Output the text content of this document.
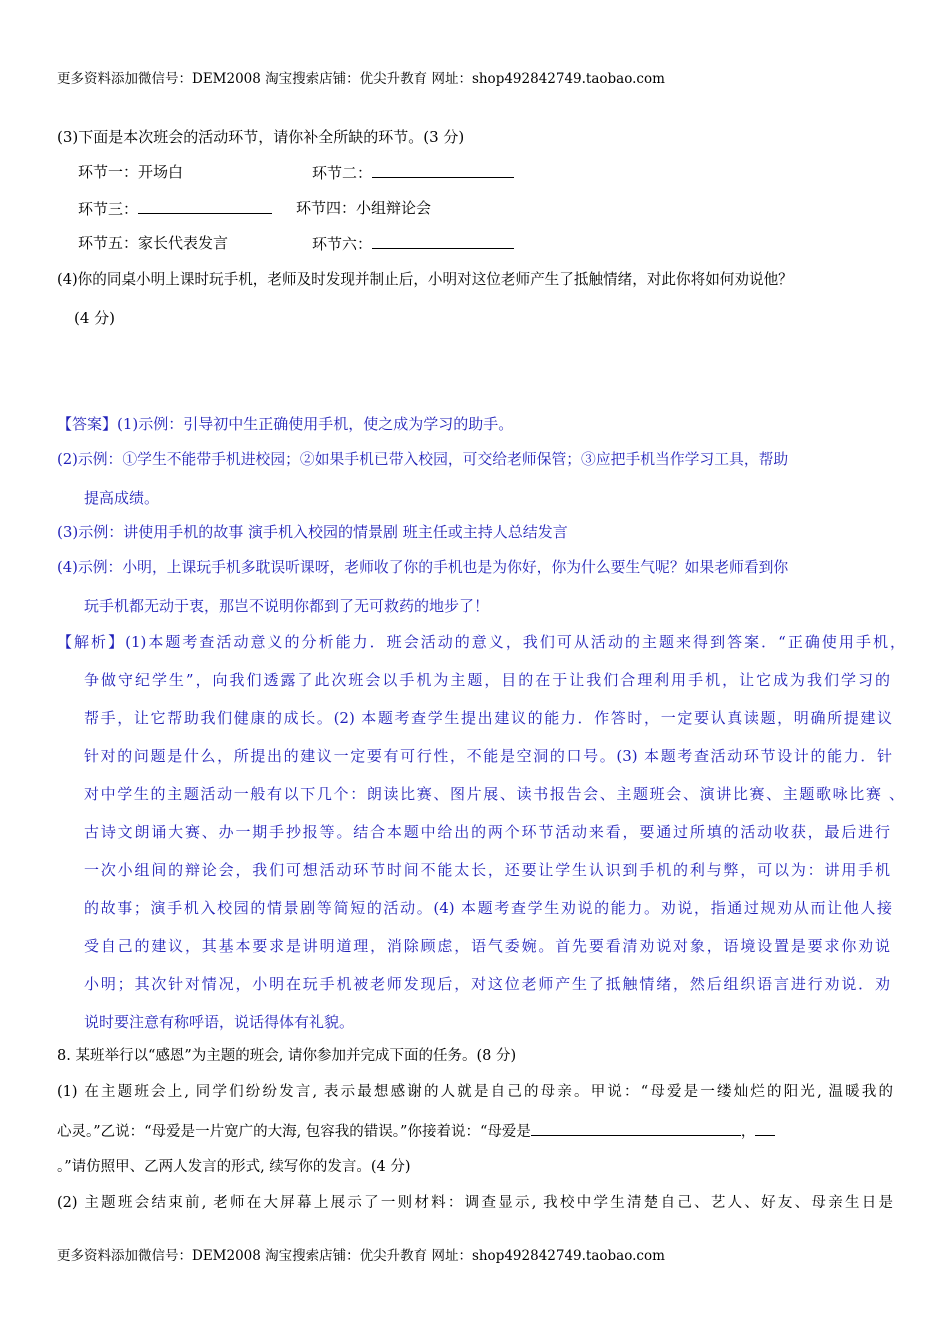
更多资料添加微信号：DEM2008 淘宝搜索店铺：优尖升教育 网址：shop492842749.taobao.com
(3)下面是本次班会的活动环节，请你补全所缺的环节。(3 分)
环节一：开场白	环节二：
环节三：	环节四：小组辩论会
环节五：家长代表发言	环节六：
(4)你的同桌小明上课时玩手机，老师及时发现并制止后，小明对这位老师产生了抵触情绪，对此你将如何劝说他？
(4 分)
【答案】(1)示例：引导初中生正确使用手机，使之成为学习的助手。
(2)示例：①学生不能带手机进校园；②如果手机已带入校园，可交给老师保管；③应把手机当作学习工具，帮助
提高成绩。
(3)示例：讲使用手机的故事 演手机入校园的情景剧 班主任或主持人总结发言
(4)示例：小明，上课玩手机多耽误听课呀，老师收了你的手机也是为你好，你为什么要生气呢？如果老师看到你
玩手机都无动于衷，那岂不说明你都到了无可救药的地步了！
【解析】(1)本题考查活动意义的分析能力．班会活动的意义，我们可从活动的主题来得到答案．“正确使用手机，
争做守纪学生”，向我们透露了此次班会以手机为主题，目的在于让我们合理利用手机，让它成为我们学习的
帮手，让它帮助我们健康的成长。(2) 本题考查学生提出建议的能力．作答时，一定要认真读题，明确所提建议
针对的问题是什么，所提出的建议一定要有可行性，不能是空洞的口号。(3) 本题考查活动环节设计的能力．针
对中学生的主题活动一般有以下几个：朗读比赛、图片展、读书报告会、主题班会、演讲比赛、主题歌咏比赛 、
古诗文朗诵大赛、办一期手抄报等。结合本题中给出的两个环节活动来看，要通过所填的活动收获，最后进行
一次小组间的辩论会，我们可想活动环节时间不能太长，还要让学生认识到手机的利与弊，可以为：讲用手机
的故事；演手机入校园的情景剧等简短的活动。(4) 本题考查学生劝说的能力。劝说，指通过规劝从而让他人接
受自己的建议，其基本要求是讲明道理，消除顾虑，语气委婉。首先要看清劝说对象，语境设置是要求你劝说
小明；其次针对情况，小明在玩手机被老师发现后，对这位老师产生了抵触情绪，然后组织语言进行劝说．劝
说时要注意有称呼语，说话得体有礼貌。
8. 某班举行以“感恩”为主题的班会, 请你参加并完成下面的任务。(8 分)
(1) 在主题班会上, 同学们纷纷发言, 表示最想感谢的人就是自己的母亲。甲说：“母爱是一缕灿烂的阳光, 温暖我的
心灵。”乙说：“母爱是一片宽广的大海, 包容我的错误。”你接着说：“母爱是	，
。”请仿照甲、乙两人发言的形式, 续写你的发言。(4 分)
(2) 主题班会结束前, 老师在大屏幕上展示了一则材料：调查显示, 我校中学生清楚自己、艺人、好友、母亲生日是
更多资料添加微信号：DEM2008 淘宝搜索店铺：优尖升教育 网址：shop492842749.taobao.com
